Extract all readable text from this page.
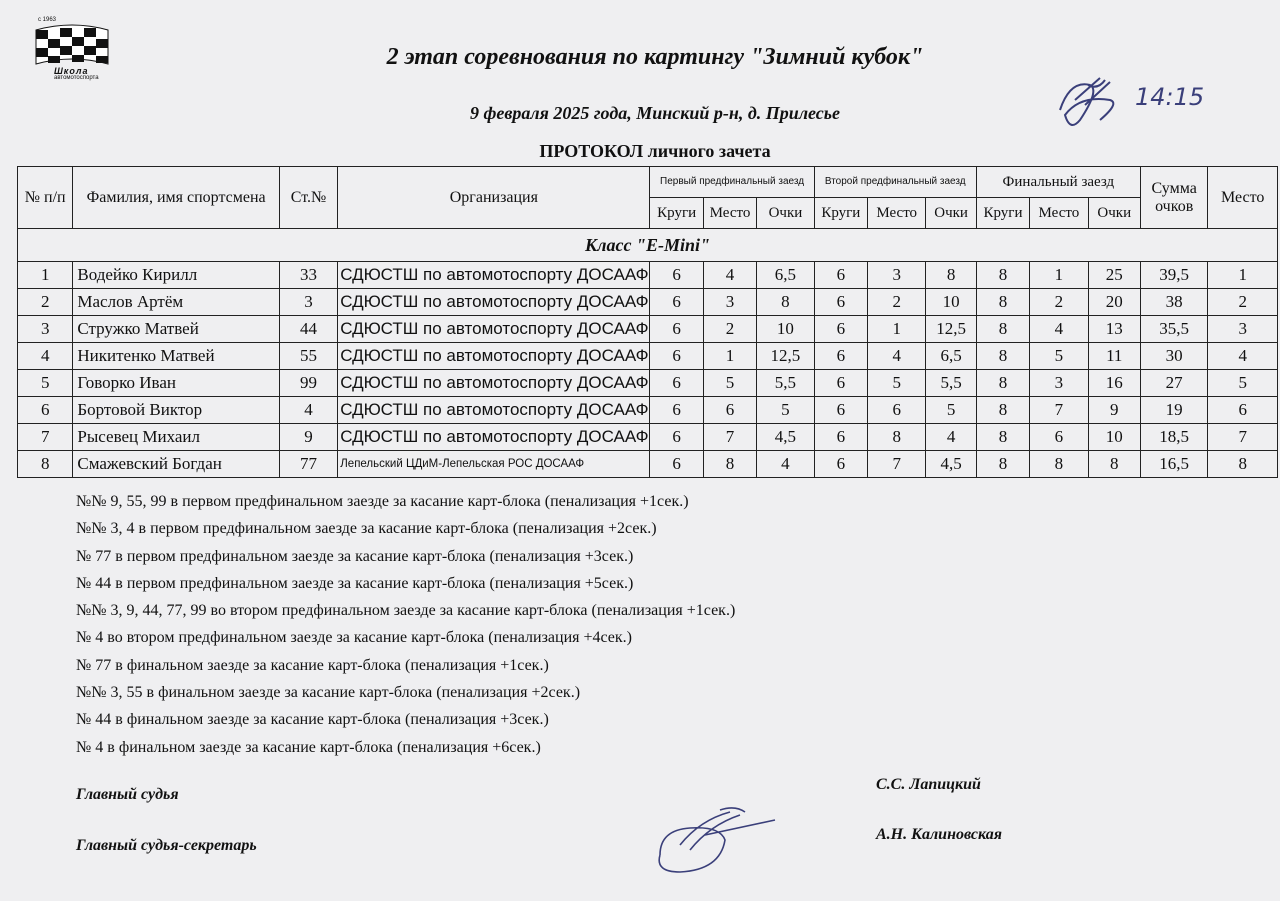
с 1963
Школа
автомотоспорта
2 этап соревнования по картингу "Зимний кубок"
14:15
9 февраля 2025 года, Минский р-н, д. Прилесье
ПРОТОКОЛ личного зачета
№ п/п	Фамилия, имя спортсмена	Ст.№	Организация	Первый предфинальный заезд			Второй предфинальный заезд			Финальный заезд			Сумма очков	Место
				Круги	Место	Очки	Круги	Место	Очки	Круги	Место	Очки		
Класс "E-Mini"														
1	Водейко Кирилл	33	СДЮСТШ по автомотоспорту ДОСААФ	6	4	6,5	6	3	8	8	1	25	39,5	1
2	Маслов Артём	3	СДЮСТШ по автомотоспорту ДОСААФ	6	3	8	6	2	10	8	2	20	38	2
3	Стружко Матвей	44	СДЮСТШ по автомотоспорту ДОСААФ	6	2	10	6	1	12,5	8	4	13	35,5	3
4	Никитенко Матвей	55	СДЮСТШ по автомотоспорту ДОСААФ	6	1	12,5	6	4	6,5	8	5	11	30	4
5	Говорко Иван	99	СДЮСТШ по автомотоспорту ДОСААФ	6	5	5,5	6	5	5,5	8	3	16	27	5
6	Бортовой Виктор	4	СДЮСТШ по автомотоспорту ДОСААФ	6	6	5	6	6	5	8	7	9	19	6
7	Рысевец Михаил	9	СДЮСТШ по автомотоспорту ДОСААФ	6	7	4,5	6	8	4	8	6	10	18,5	7
8	Смажевский Богдан	77	Лепельский ЦДиМ-Лепельская РОС ДОСААФ	6	8	4	6	7	4,5	8	8	8	16,5	8
№№ 9, 55, 99 в первом предфинальном заезде за касание карт-блока (пенализация +1сек.)
№№ 3, 4 в первом предфинальном заезде за касание карт-блока (пенализация +2сек.)
№ 77 в первом предфинальном заезде за касание карт-блока (пенализация +3сек.)
№ 44 в первом предфинальном заезде за касание карт-блока (пенализация +5сек.)
№№ 3, 9, 44, 77, 99 во втором предфинальном заезде за касание карт-блока (пенализация +1сек.)
№ 4 во втором предфинальном заезде за касание карт-блока (пенализация +4сек.)
№ 77 в финальном заезде за касание карт-блока (пенализация +1сек.)
№№ 3, 55 в финальном заезде за касание карт-блока (пенализация +2сек.)
№ 44 в финальном заезде за касание карт-блока (пенализация +3сек.)
№ 4 в финальном заезде за касание карт-блока (пенализация +6сек.)
Главный судья
С.С. Лапицкий
Главный судья-секретарь
А.Н. Калиновская
